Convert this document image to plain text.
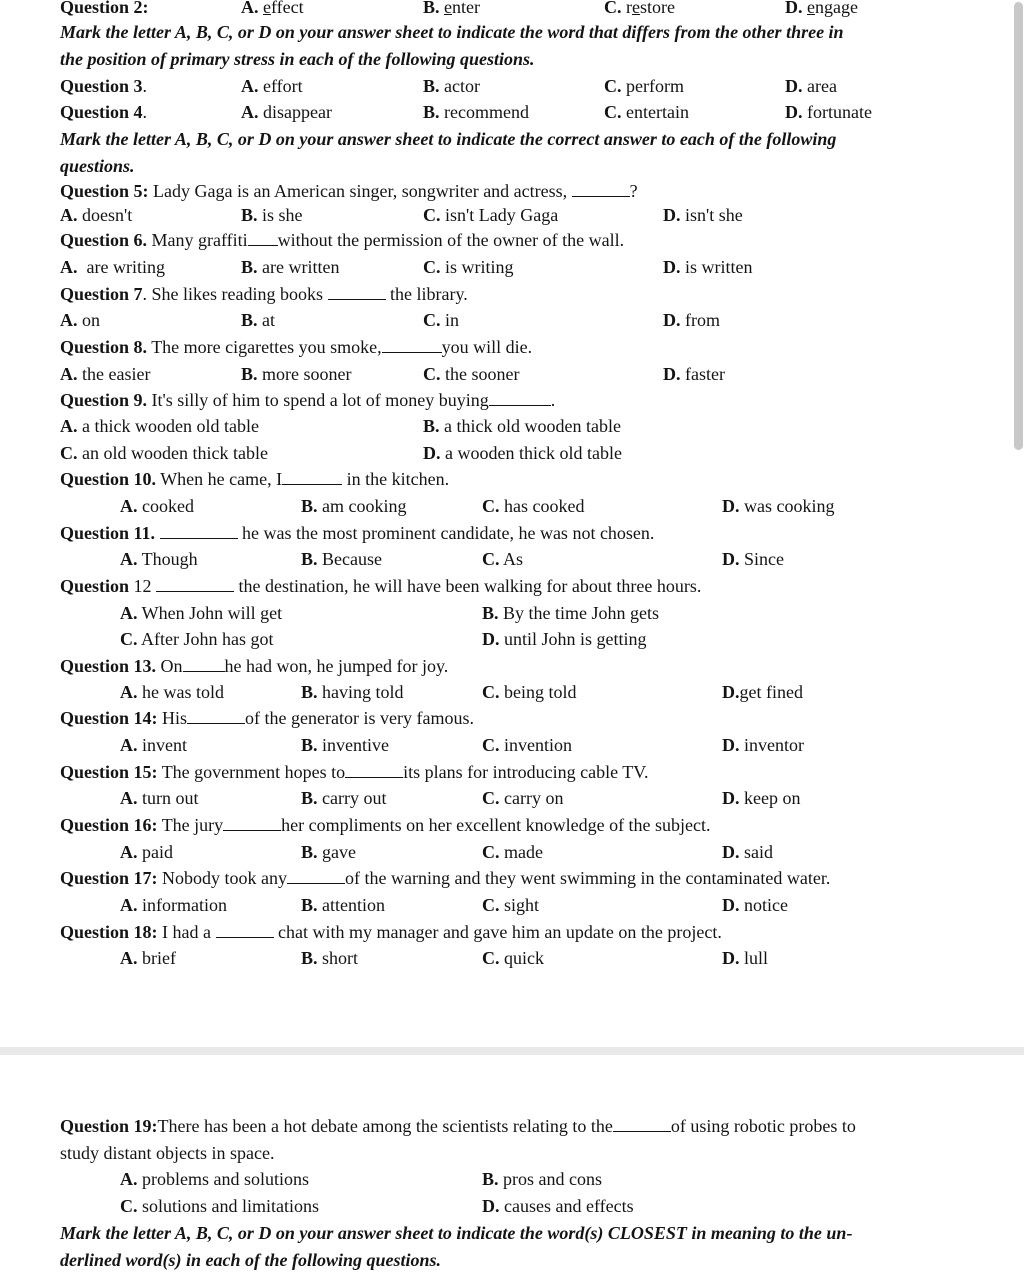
Question 2:	A. effect	B. enter	C. restore	D. engage
Mark the letter A, B, C, or D on your answer sheet to indicate the word that differs from the other three in
the position of primary stress in each of the following questions.
Question 3.	A. effort	B. actor	C. perform	D. area
Question 4.	A. disappear	B. recommend	C. entertain	D. fortunate
Mark the letter A, B, C, or D on your answer sheet to indicate the correct answer to each of the following
questions.
Question 5: Lady Gaga is an American singer, songwriter and actress,	?
A. doesn't	B. is she	C. isn't Lady Gaga	D. isn't she
Question 6. Many graffiti without the permission of the owner of the wall.
A.  are writing	B. are written	C. is writing	D. is written
Question 7. She likes reading books	the library.
A. on	B. at	C. in	D. from
Question 8. The more cigarettes you smoke,	you will die.
A. the easier	B. more sooner	C. the sooner	D. faster
Question 9. It's silly of him to spend a lot of money buying	.
A. a thick wooden old table	B. a thick old wooden table
C. an old wooden thick table	D. a wooden thick old table
Question 10. When he came, I	in the kitchen.
A. cooked	B. am cooking	C. has cooked	D. was cooking
Question 11.	he was the most prominent candidate, he was not chosen.
A. Though	B. Because	C. As	D. Since
Question 12	the destination, he will have been walking for about three hours.
A. When John will get	B. By the time John gets
C. After John has got	D. until John is getting
Question 13. On he had won, he jumped for joy.
A. he was told	B. having told	C. being told	D.get fined
Question 14: His	of the generator is very famous.
A. invent	B. inventive	C. invention	D. inventor
Question 15: The government hopes to	its plans for introducing cable TV.
A. turn out	B. carry out	C. carry on	D. keep on
Question 16: The jury	her compliments on her excellent knowledge of the subject.
A. paid	B. gave	C. made	D. said
Question 17: Nobody took any	of the warning and they went swimming in the contaminated water.
A. information	B. attention	C. sight	D. notice
Question 18: I had a	chat with my manager and gave him an update on the project.
A. brief	B. short	C. quick	D. lull
Question 19:There has been a hot debate among the scientists relating to the	of using robotic probes to
study distant objects in space.
A. problems and solutions	B. pros and cons
C. solutions and limitations	D. causes and effects
Mark the letter A, B, C, or D on your answer sheet to indicate the word(s) CLOSEST in meaning to the un-
derlined word(s) in each of the following questions.
